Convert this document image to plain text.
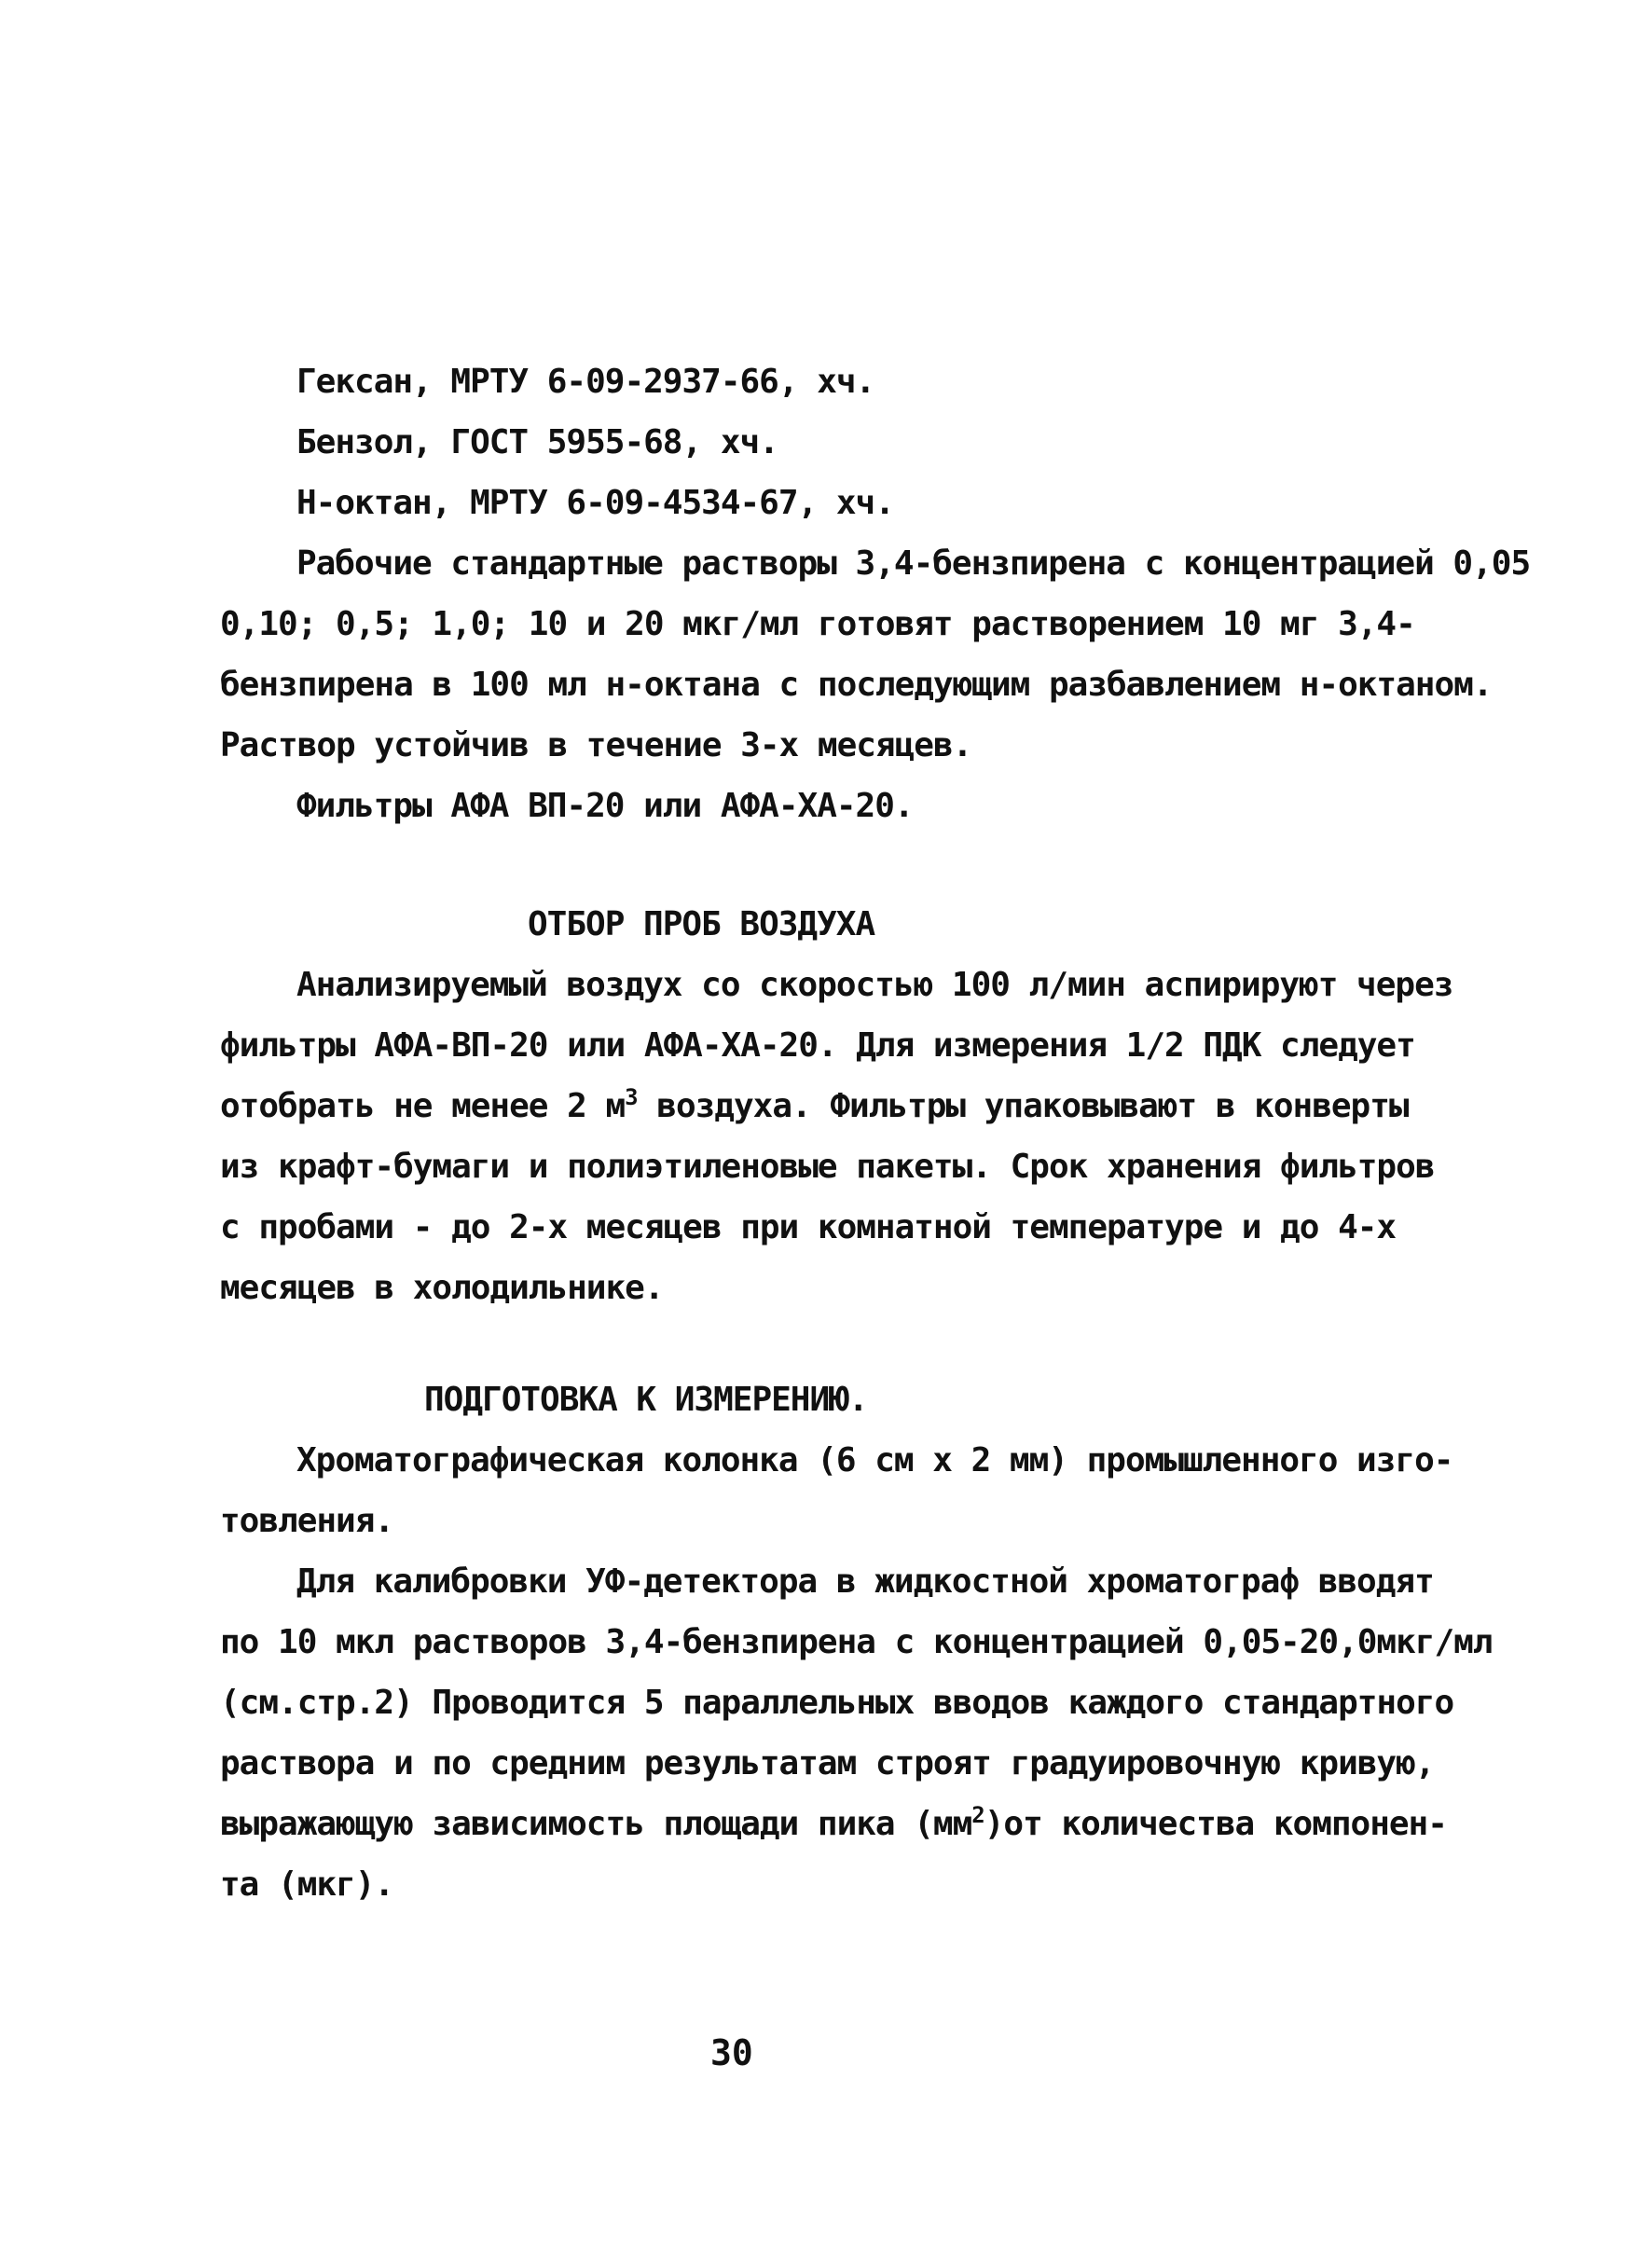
Гексан, МРТУ 6-09-2937-66, хч.
Бензол, ГОСТ 5955-68, хч.
Н-октан, МРТУ 6-09-4534-67, хч.
Рабочие стандартные растворы 3,4-бензпирена с концентрацией 0,05
0,10; 0,5; 1,0; 10 и 20 мкг/мл готовят растворением 10 мг 3,4-
бензпирена в 100 мл н-октана с последующим разбавлением н-октаном.
Раствор устойчив в течение 3-х месяцев.
Фильтры АФА ВП-20 или АФА-ХА-20.
ОТБОР ПРОБ ВОЗДУХА
Анализируемый воздух со скоростью 100 л/мин аспирируют через
фильтры АФА-ВП-20 или АФА-ХА-20. Для измерения 1/2 ПДК следует
отобрать не менее 2 $м^3$ воздуха. Фильтры упаковывают в конверты
из крафт-бумаги и полиэтиленовые пакеты. Срок хранения фильтров
с пробами - до 2-х месяцев при комнатной температуре и до 4-х
месяцев в холодильнике.
ПОДГОТОВКА К ИЗМЕРЕНИЮ.
Хроматографическая колонка (6 см х 2 мм) промышленного изго-
товления.
Для калибровки УФ-детектора в жидкостной хроматограф вводят
по 10 мкл растворов 3,4-бензпирена с концентрацией 0,05-20,0мкг/мл
(см.стр.2) Проводится 5 параллельных вводов каждого стандартного
раствора и по средним результатам строят градуировочную кривую,
выражающую зависимость площади пика $(мм^2)от$ количества компонен-
та (мкг).
30
